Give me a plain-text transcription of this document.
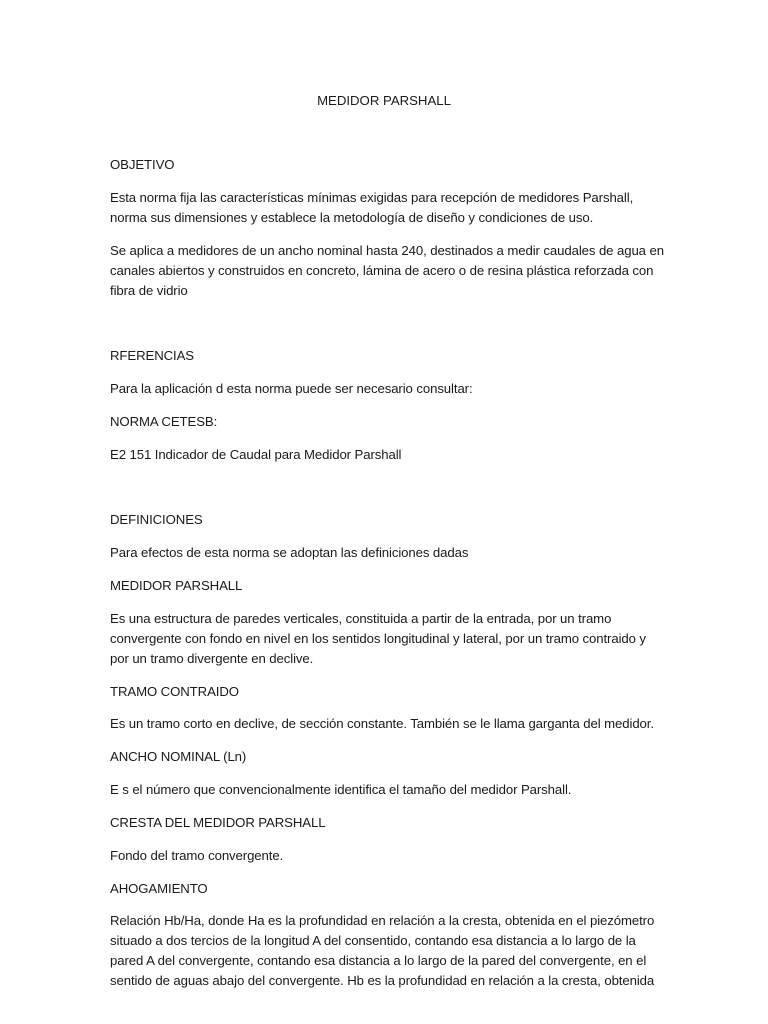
MEDIDOR PARSHALL
OBJETIVO
Esta norma fija las características mínimas exigidas para recepción de medidores Parshall,
norma sus dimensiones y establece la metodología de diseño y condiciones de uso.
Se aplica a medidores de un ancho nominal hasta 240, destinados a medir caudales de agua en
canales abiertos y construidos en concreto, lámina de acero o de resina plástica reforzada con
fibra de vidrio
RFERENCIAS
Para la aplicación d esta norma puede ser necesario consultar:
NORMA CETESB:
E2 151 Indicador de Caudal para Medidor Parshall
DEFINICIONES
Para efectos de esta norma se adoptan las definiciones dadas
MEDIDOR PARSHALL
Es una estructura de paredes verticales, constituida a partir de la entrada, por un tramo
convergente con fondo en nivel en los sentidos longitudinal y lateral, por un tramo contraido y
por un tramo divergente en declive.
TRAMO CONTRAIDO
Es un tramo corto en declive, de sección constante. También se le llama garganta del medidor.
ANCHO NOMINAL (Ln)
E s el número que convencionalmente identifica el tamaño del medidor Parshall.
CRESTA DEL MEDIDOR PARSHALL
Fondo del tramo convergente.
AHOGAMIENTO
Relación Hb/Ha, donde Ha es la profundidad en relación a la cresta, obtenida en el piezómetro
situado a dos tercios de la longitud A del consentido, contando esa distancia a lo largo de la
pared A del convergente, contando esa distancia a lo largo de la pared del convergente, en el
sentido de aguas abajo del convergente. Hb es la profundidad en relación a la cresta, obtenida
